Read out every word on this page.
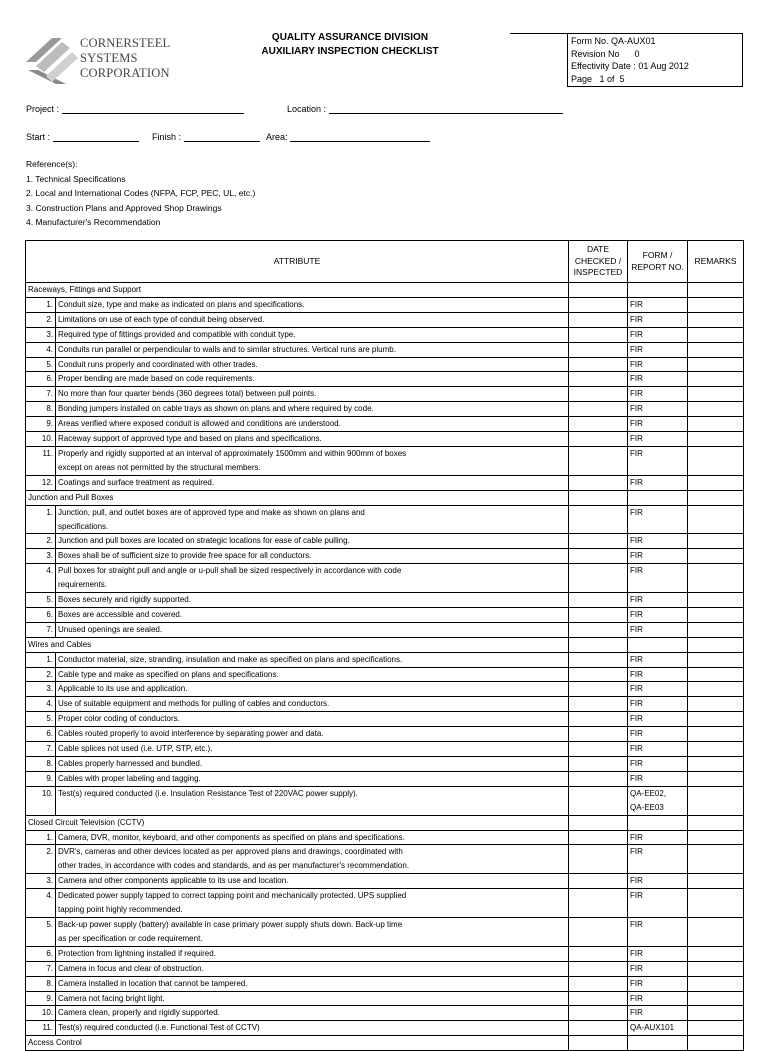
CORNERSTEEL
SYSTEMS
CORPORATION
QUALITY ASSURANCE DIVISION
AUXILIARY INSPECTION CHECKLIST
Form No. QA-AUX01
Revision No      0
Effectivity Date : 01 Aug 2012
Page   1 of  5
Project :	Location :
Start :	Finish :	Area:
Reference(s):
1. Technical Specifications
2. Local and International Codes (NFPA, FCP, PEC, UL, etc.)
3. Construction Plans and Approved Shop Drawings
4. Manufacturer's Recommendation
ATTRIBUTE		DATE CHECKED / INSPECTED	FORM / REPORT NO.	REMARKS
Raceways, Fittings and Support				
1.	Conduit size, type and make as indicated on plans and specifications.		FIR	

2.	Limitations on use of each type of conduit being observed.		FIR	

3.	Required type of fittings provided and compatible with conduit type.		FIR	

4.	Conduits run parallel or perpendicular to walls and to similar structures. Vertical runs are plumb.		FIR	

5.	Conduit runs properly and coordinated with other trades.		FIR	

6.	Proper bending are made based on code requirements.		FIR	

7.	No more than four quarter bends (360 degrees total) between pull points.		FIR	

8.	Bonding jumpers installed on cable trays as shown on plans and where required by code.		FIR	

9.	Areas verified where exposed conduit is allowed and conditions are understood.		FIR	

10.	Raceway support of approved type and based on plans and specifications.		FIR	

11.	Properly and rigidly supported at an interval of approximately 1500mm and within 900mm of boxes
except on areas not permitted by the structural members.		FIR	

12.	Coatings and surface treatment as required.		FIR	

Junction and Pull Boxes				
1.	Junction, pull, and outlet boxes are of approved type and make as shown on plans and
specifications.		FIR	

2.	Junction and pull boxes are located on strategic locations for ease of cable pulling.		FIR	

3.	Boxes shall be of sufficient size to provide free space for all conductors.		FIR	

4.	Pull boxes for straight pull and angle or u-pull shall be sized respectively in accordance with code
requirements.		FIR	

5.	Boxes securely and rigidly supported.		FIR	

6.	Boxes are accessible and covered.		FIR	

7.	Unused openings are sealed.		FIR	

Wires and Cables				
1.	Conductor material, size, stranding, insulation and make as specified on plans and specifications.		FIR	

2.	Cable type and make as specified on plans and specifications.		FIR	

3.	Applicable to its use and application.		FIR	

4.	Use of suitable equipment and methods for pulling of cables and conductors.		FIR	

5.	Proper color coding of conductors.		FIR	

6.	Cables routed properly to avoid interference by separating power and data.		FIR	

7.	Cable splices not used (i.e. UTP, STP, etc.).		FIR	

8.	Cables properly harnessed and bundled.		FIR	

9.	Cables with proper labeling and tagging.		FIR	

10.	Test(s) required conducted (i.e. Insulation Resistance Test of 220VAC power supply).		QA-EE02,
QA-EE03	

Closed Circuit Television (CCTV)				
1.	Camera, DVR, monitor, keyboard, and other components as specified on plans and specifications.		FIR	

2.	DVR's, cameras and other devices located as per approved plans and drawings, coordinated with
other trades, in accordance with codes and standards, and as per manufacturer's recommendation.		FIR	

3.	Camera and other components applicable to its use and location.		FIR	

4.	Dedicated power supply tapped to correct tapping point and mechanically protected. UPS supplied
tapping point highly recommended.		FIR	

5.	Back-up power supply (battery) available in case primary power supply shuts down. Back-up time
as per specification or code requirement.		FIR	

6.	Protection from lightning installed if required.		FIR	

7.	Camera in focus and clear of obstruction.		FIR	

8.	Camera installed in location that cannot be tampered.		FIR	

9.	Camera not facing bright light.		FIR	

10.	Camera clean, properly and rigidly supported.		FIR	

11.	Test(s) required conducted (i.e. Functional Test of CCTV)		QA-AUX101	

Access Control				
